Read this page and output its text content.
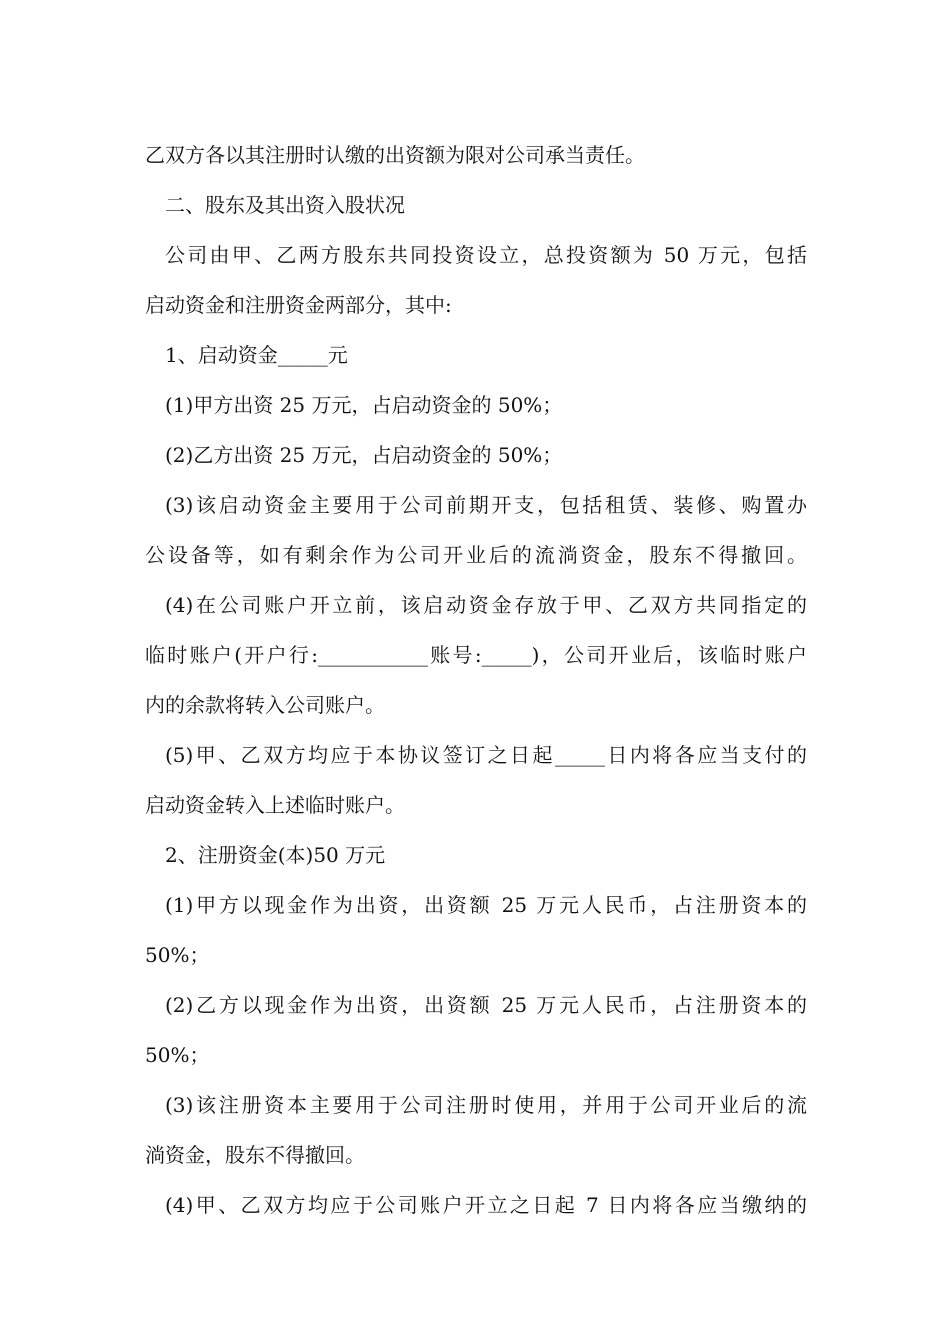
乙双方各以其注册时认缴的出资额为限对公司承当责任。
二、股东及其出资入股状况
公司由甲、乙两方股东共同投资设立，总投资额为 50 万元，包括
启动资金和注册资金两部分，其中:
1、启动资金_____元
(1)甲方出资 25 万元，占启动资金的 50%；
(2)乙方出资 25 万元，占启动资金的 50%；
(3)该启动资金主要用于公司前期开支，包括租赁、装修、购置办
公设备等，如有剩余作为公司开业后的流淌资金，股东不得撤回。
(4)在公司账户开立前，该启动资金存放于甲、乙双方共同指定的
临时账户(开户行:___________账号:_____)，公司开业后，该临时账户
内的余款将转入公司账户。
(5)甲、乙双方均应于本协议签订之日起_____日内将各应当支付的
启动资金转入上述临时账户。
2、注册资金(本)50 万元
(1)甲方以现金作为出资，出资额 25 万元人民币，占注册资本的
50%；
(2)乙方以现金作为出资，出资额 25 万元人民币，占注册资本的
50%；
(3)该注册资本主要用于公司注册时使用，并用于公司开业后的流
淌资金，股东不得撤回。
(4)甲、乙双方均应于公司账户开立之日起 7 日内将各应当缴纳的
